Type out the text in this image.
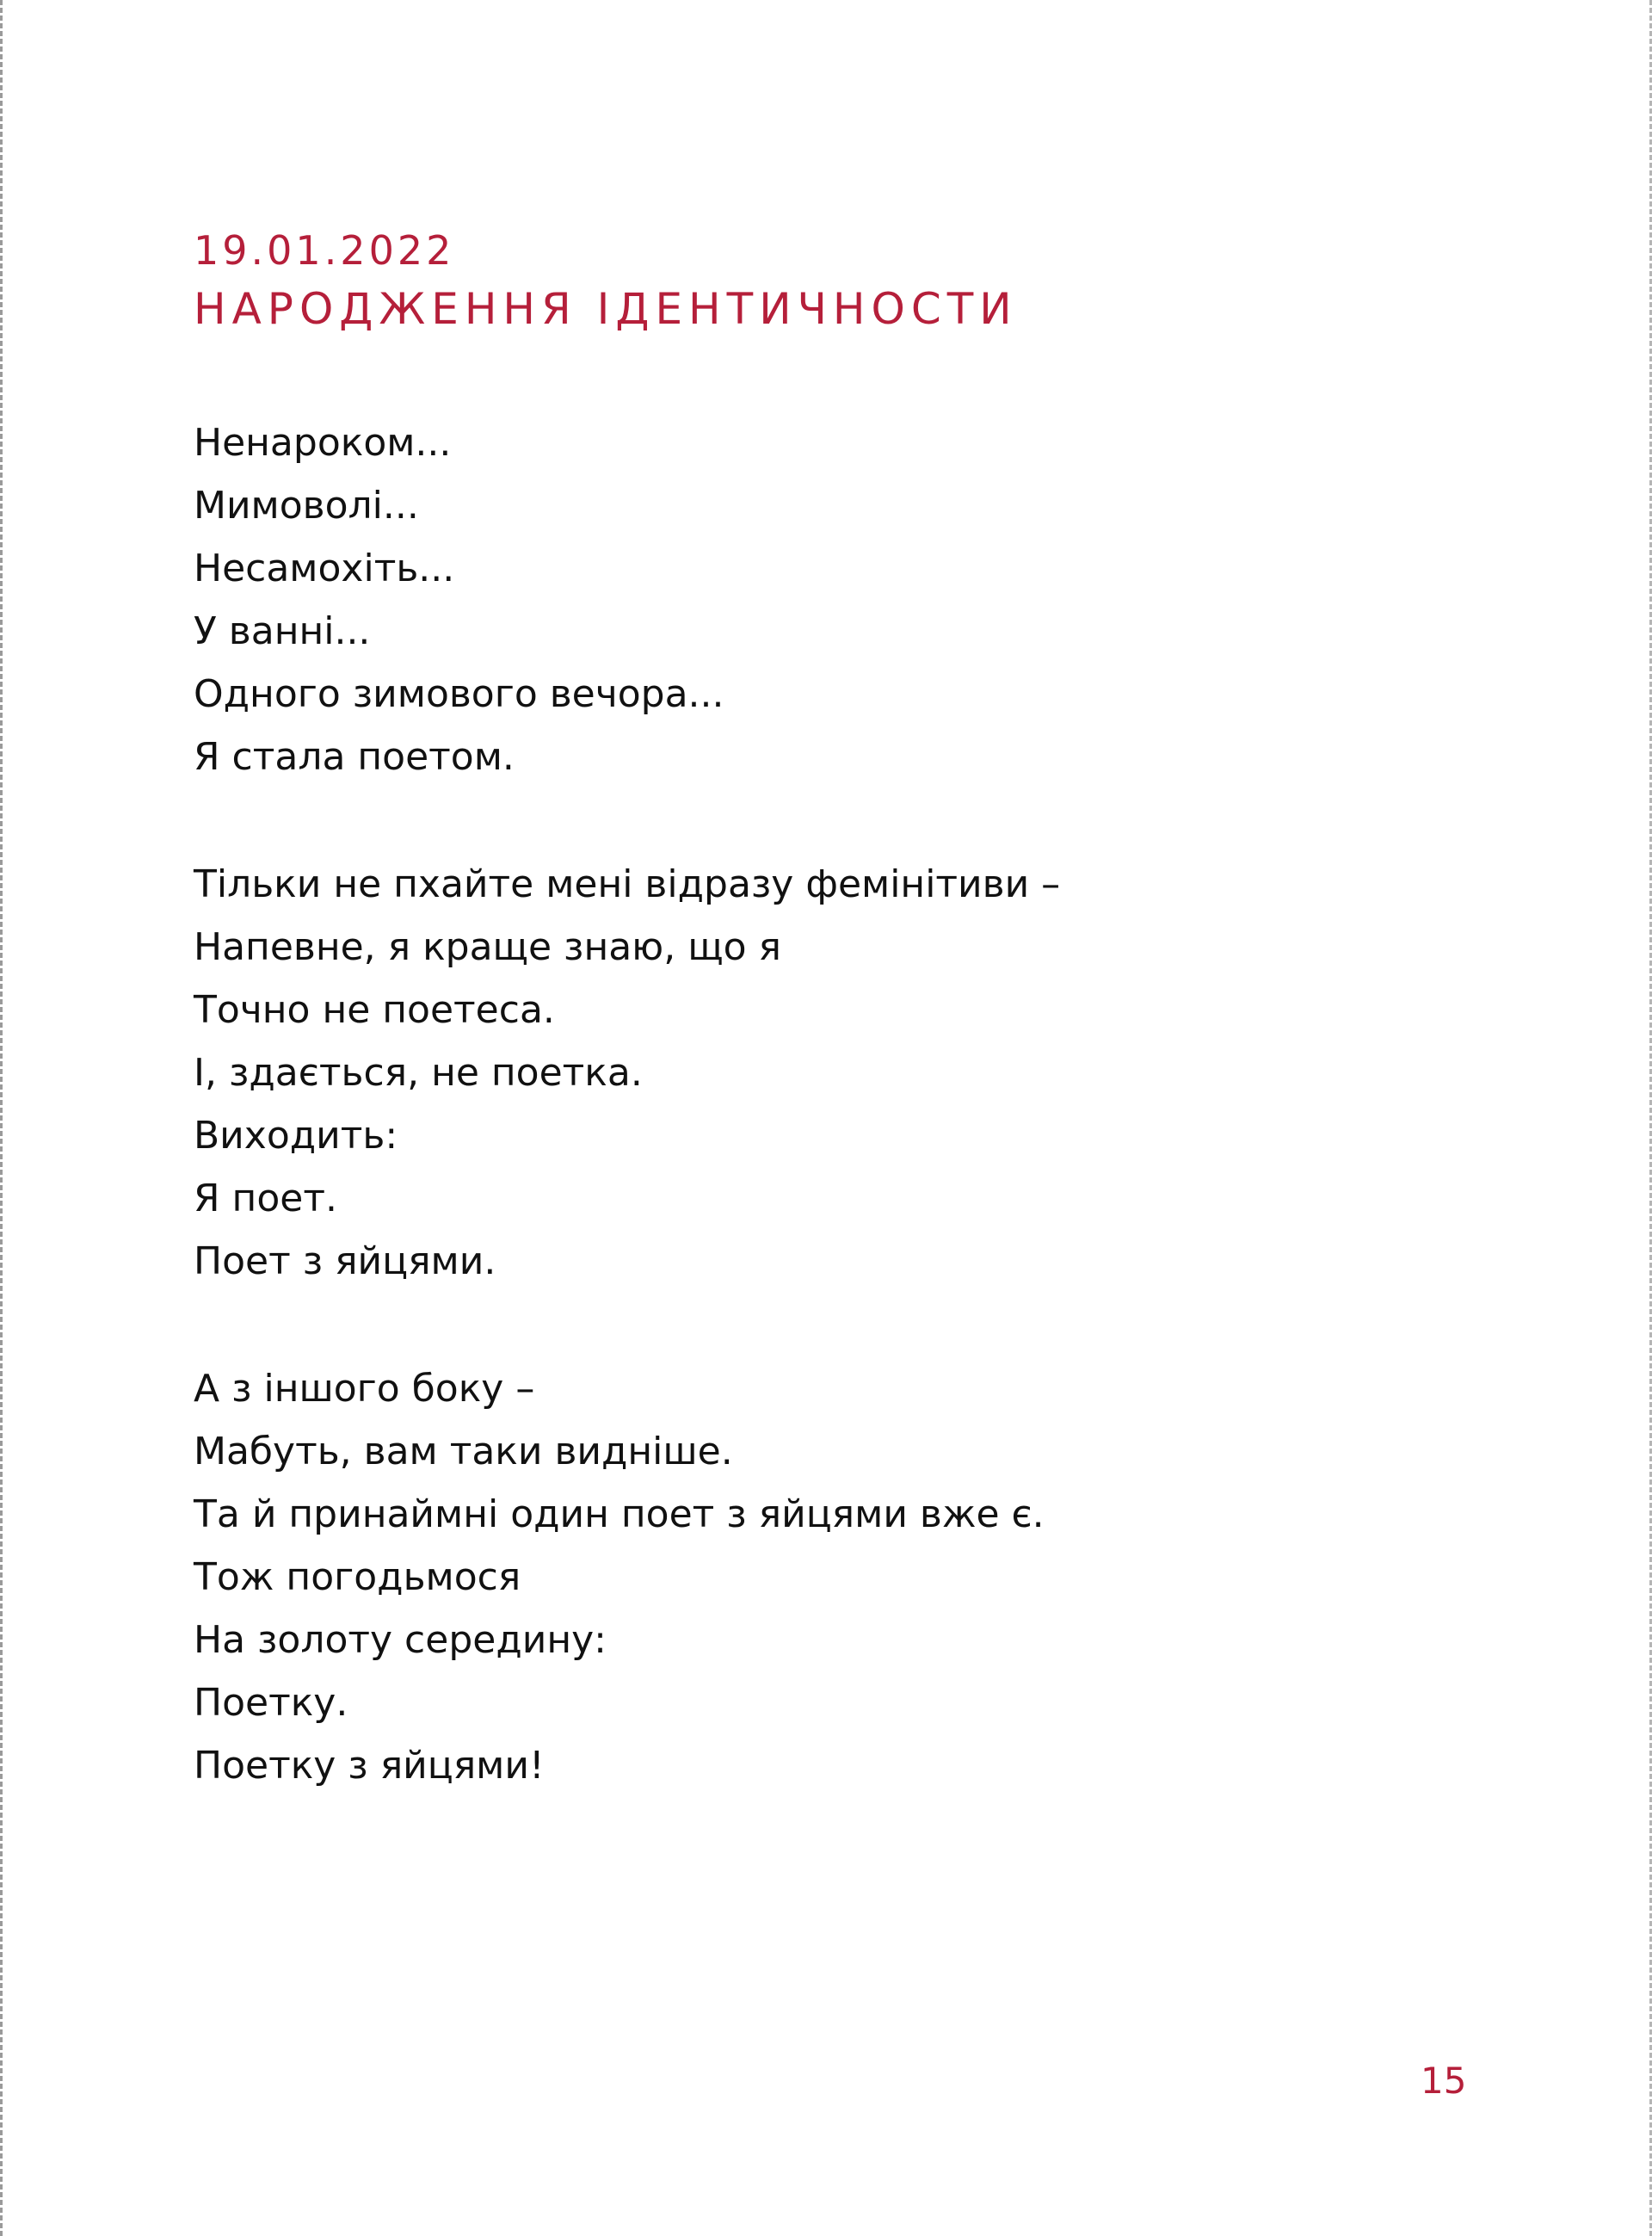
19.01.2022
НАРОДЖЕННЯ ІДЕНТИЧНОСТИ
Ненароком...
Мимоволі...
Несамохіть...
У ванні...
Одного зимового вечора...
Я стала поетом.
Тільки не пхайте мені відразу фемінітиви –
Напевне, я краще знаю, що я
Точно не поетеса.
І, здається, не поетка.
Виходить:
Я поет.
Поет з яйцями.
А з іншого боку –
Мабуть, вам таки видніше.
Та й принаймні один поет з яйцями вже є.
Тож погодьмося
На золоту середину:
Поетку.
Поетку з яйцями!
15
